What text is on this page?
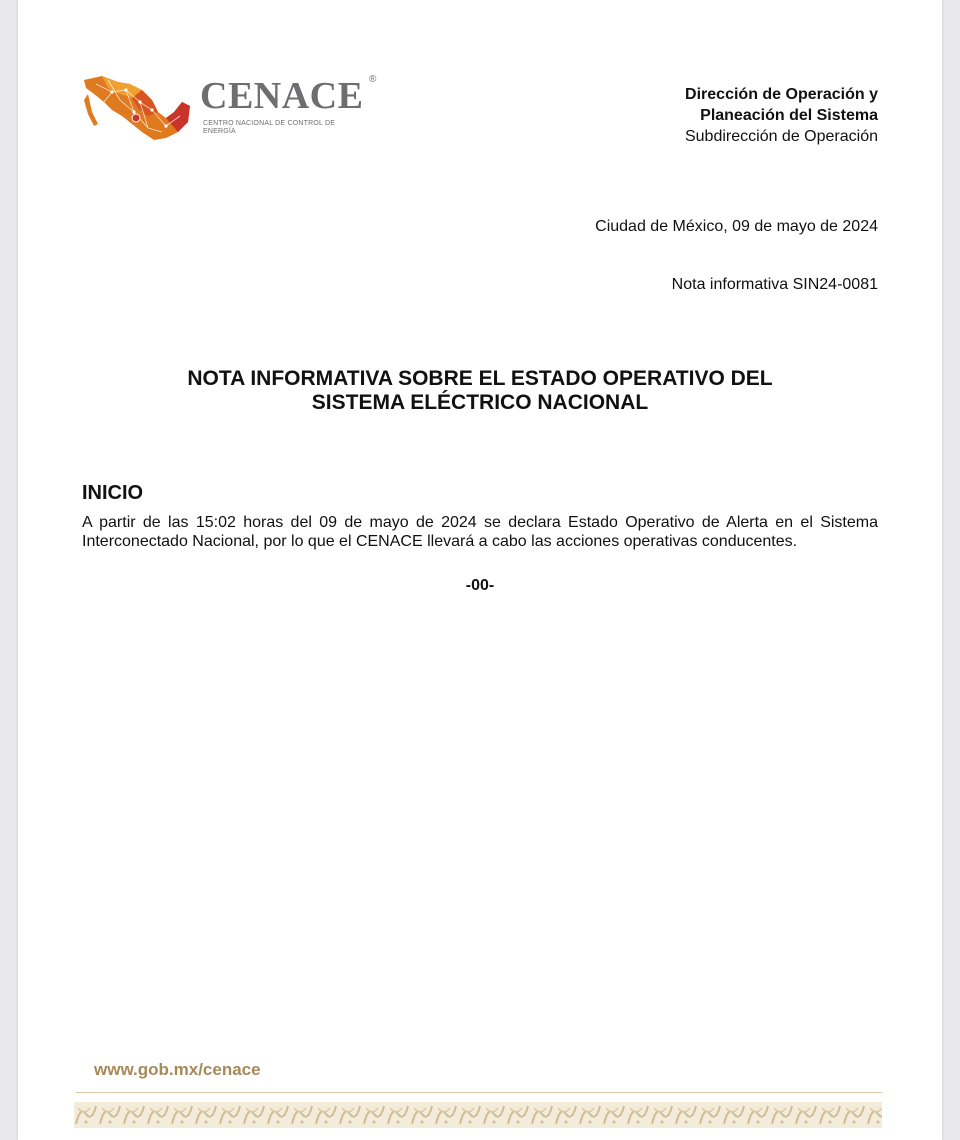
CENACE ®
CENTRO NACIONAL DE CONTROL DE ENERGÍA
Dirección de Operación y
Planeación del Sistema
Subdirección de Operación
Ciudad de México, 09 de mayo de 2024
Nota informativa SIN24-0081
NOTA INFORMATIVA SOBRE EL ESTADO OPERATIVO DEL
SISTEMA ELÉCTRICO NACIONAL
INICIO
A partir de las 15:02 horas del 09 de mayo de 2024 se declara Estado Operativo de Alerta en el Sistema Interconectado Nacional, por lo que el CENACE llevará a cabo las acciones operativas conducentes.
-00-
www.gob.mx/cenace
